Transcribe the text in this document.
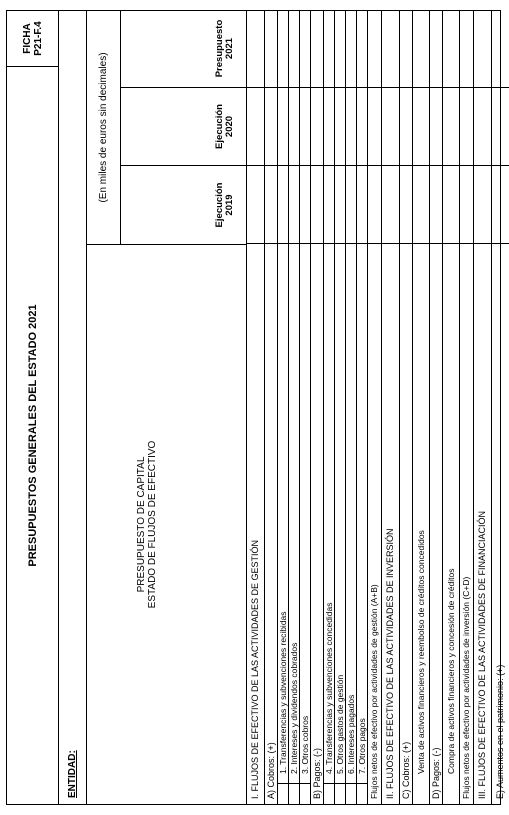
PRESUPUESTOS GENERALES DEL ESTADO 2021
FICHA P21-F.4
ENTIDAD:
PRESUPUESTO DE CAPITAL ESTADO DE FLUJOS DE EFECTIVO
(En miles de euros sin decimales)
Ejecución 2019
Ejecución 2020
Presupuesto 2021
I. FLUJOS DE EFECTIVO DE LAS ACTIVIDADES DE GESTIÓN A) Cobros: (+) 1. Transferencias y subvenciones recibidas 2. Intereses y dividendos cobrados 3. Otros cobros B) Pagos: (-) 4. Transferencias y subvenciones concedidas 5. Otros gastos de gestión 6. Intereses pagados 7. Otros pagos Flujos netos de efectivo por actividades de gestión (A+B) II. FLUJOS DE EFECTIVO DE LAS ACTIVIDADES DE INVERSIÓN C) Cobros: (+) Venta de activos financieros y reembolso de créditos concedidos D) Pagos: (-) Compra de activos financieros y concesión de créditos Flujos netos de efectivo por actividades de inversión (C+D) III. FLUJOS DE EFECTIVO DE LAS ACTIVIDADES DE FINANCIACIÓN E) Aumentos en el patrimonio: (+)
